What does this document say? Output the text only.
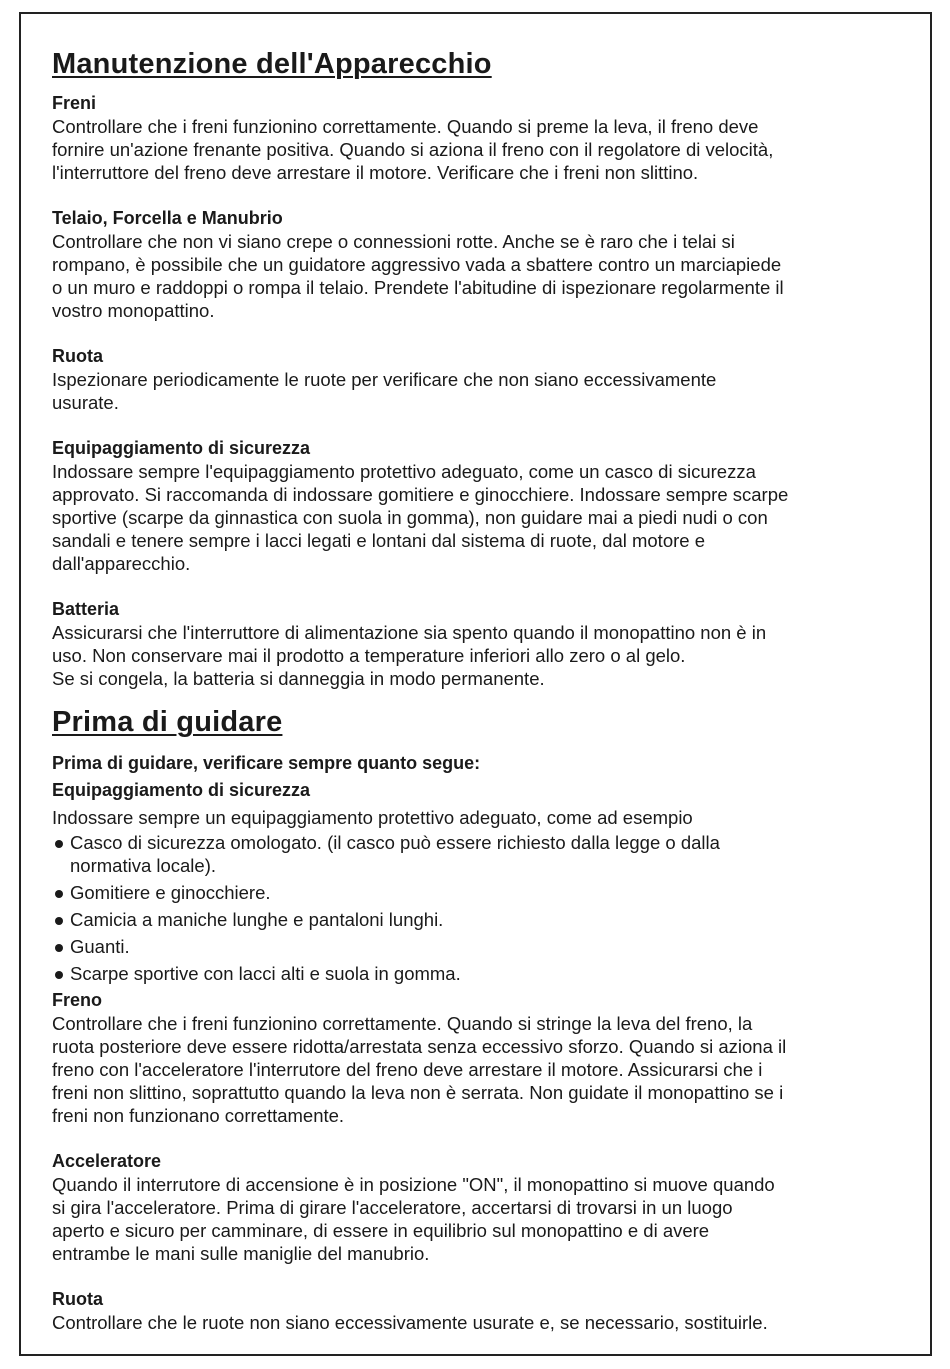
Manutenzione dell'Apparecchio

Freni

Controllare che i freni funzionino correttamente. Quando si preme la leva, il freno deve
fornire un'azione frenante positiva. Quando si aziona il freno con il regolatore di velocità,
l'interruttore del freno deve arrestare il motore. Verificare che i freni non slittino.

Telaio, Forcella e Manubrio

Controllare che non vi siano crepe o connessioni rotte. Anche se è raro che i telai si
rompano, è possibile che un guidatore aggressivo vada a sbattere contro un marciapiede
o un muro e raddoppi o rompa il telaio. Prendete l'abitudine di ispezionare regolarmente il
vostro monopattino.

Ruota

Ispezionare periodicamente le ruote per verificare che non siano eccessivamente
usurate.

Equipaggiamento di sicurezza

Indossare sempre l'equipaggiamento protettivo adeguato, come un casco di sicurezza
approvato. Si raccomanda di indossare gomitiere e ginocchiere. Indossare sempre scarpe
sportive (scarpe da ginnastica con suola in gomma), non guidare mai a piedi nudi o con
sandali e tenere sempre i lacci legati e lontani dal sistema di ruote, dal motore e
dall'apparecchio.

Batteria

Assicurarsi che l'interruttore di alimentazione sia spento quando il monopattino non è in
uso. Non conservare mai il prodotto a temperature inferiori allo zero o al gelo.
Se si congela, la batteria si danneggia in modo permanente.

Prima di guidare

Prima di guidare, verificare sempre quanto segue:

Equipaggiamento di sicurezza

Indossare sempre un equipaggiamento protettivo adeguato, come ad esempio

Casco di sicurezza omologato. (il casco può essere richiesto dalla legge o dalla
normativa locale).
Gomitiere e ginocchiere.
Camicia a maniche lunghe e pantaloni lunghi.
Guanti.
Scarpe sportive con lacci alti e suola in gomma.

Freno

Controllare che i freni funzionino correttamente. Quando si stringe la leva del freno, la
ruota posteriore deve essere ridotta/arrestata senza eccessivo sforzo. Quando si aziona il
freno con l'acceleratore l'interrutore del freno deve arrestare il motore. Assicurarsi che i
freni non slittino, soprattutto quando la leva non è serrata. Non guidate il monopattino se i
freni non funzionano correttamente.

Acceleratore

Quando il interrutore di accensione è in posizione "ON", il monopattino si muove quando
si gira l'acceleratore. Prima di girare l'acceleratore, accertarsi di trovarsi in un luogo
aperto e sicuro per camminare, di essere in equilibrio sul monopattino e di avere
entrambe le mani sulle maniglie del manubrio.

Ruota

Controllare che le ruote non siano eccessivamente usurate e, se necessario, sostituirle.
